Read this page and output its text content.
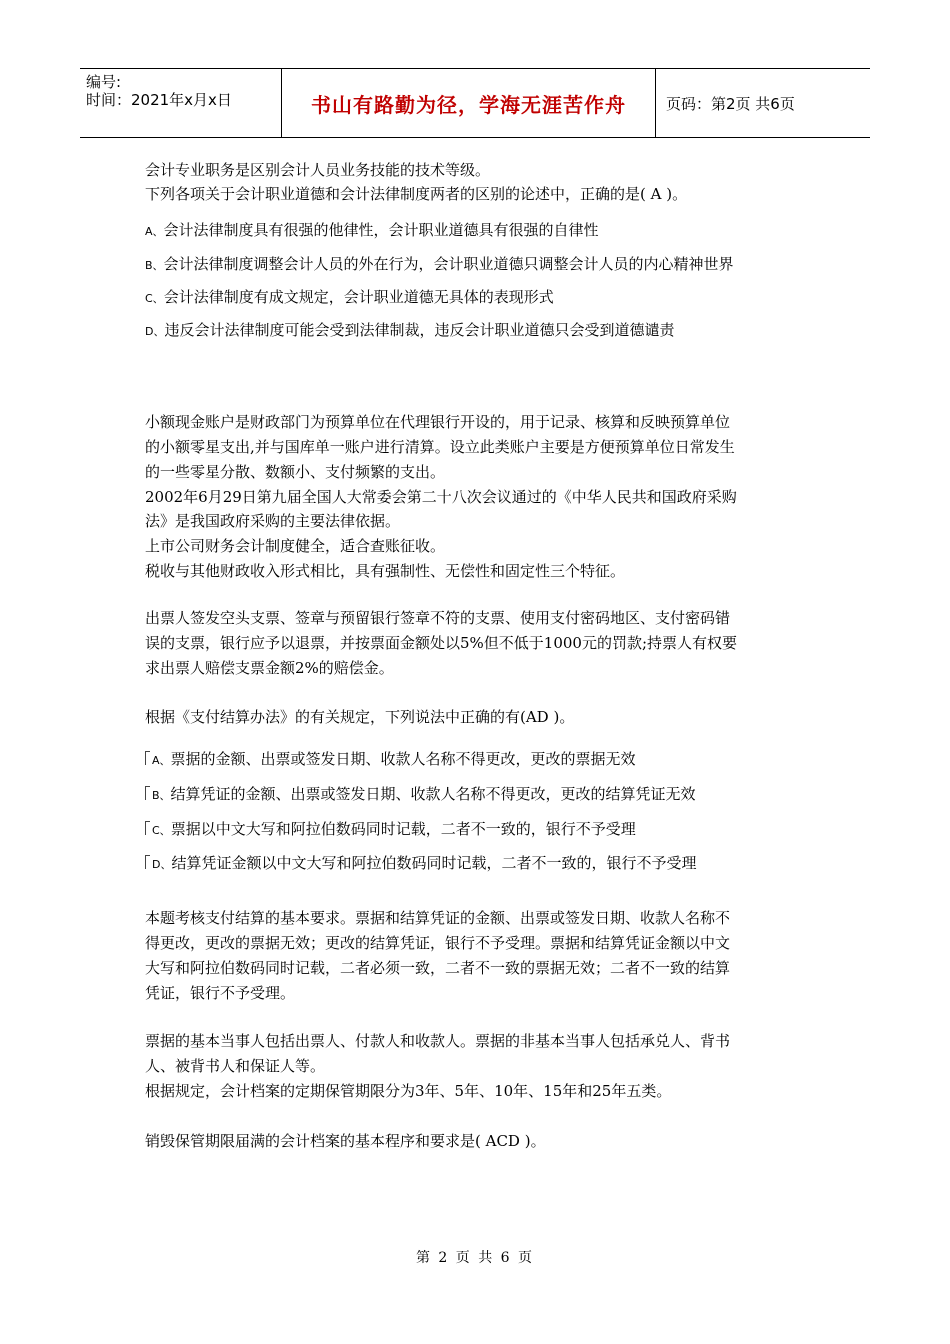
编号:
时间：2021年x月x日	书山有路勤为径，学海无涯苦作舟	页码：第2页 共6页
会计专业职务是区别会计人员业务技能的技术等级。
下列各项关于会计职业道德和会计法律制度两者的区别的论述中，正确的是( A )。
A、会计法律制度具有很强的他律性，会计职业道德具有很强的自律性
B、会计法律制度调整会计人员的外在行为，会计职业道德只调整会计人员的内心精神世界
C、会计法律制度有成文规定，会计职业道德无具体的表现形式
D、违反会计法律制度可能会受到法律制裁，违反会计职业道德只会受到道德谴责
小额现金账户是财政部门为预算单位在代理银行开设的，用于记录、核算和反映预算单位
的小额零星支出,并与国库单一账户进行清算。设立此类账户主要是方便预算单位日常发生
的一些零星分散、数额小、支付频繁的支出。
2002年6月29日第九届全国人大常委会第二十八次会议通过的《中华人民共和国政府采购
法》是我国政府采购的主要法律依据。
上市公司财务会计制度健全，适合查账征收。
税收与其他财政收入形式相比，具有强制性、无偿性和固定性三个特征。
出票人签发空头支票、签章与预留银行签章不符的支票、使用支付密码地区、支付密码错
误的支票，银行应予以退票，并按票面金额处以5%但不低于1000元的罚款;持票人有权要
求出票人赔偿支票金额2%的赔偿金。
根据《支付结算办法》的有关规定，下列说法中正确的有(AD )。
A、票据的金额、出票或签发日期、收款人名称不得更改，更改的票据无效
B、结算凭证的金额、出票或签发日期、收款人名称不得更改，更改的结算凭证无效
C、票据以中文大写和阿拉伯数码同时记载，二者不一致的，银行不予受理
D、结算凭证金额以中文大写和阿拉伯数码同时记载，二者不一致的，银行不予受理
本题考核支付结算的基本要求。票据和结算凭证的金额、出票或签发日期、收款人名称不
得更改，更改的票据无效；更改的结算凭证，银行不予受理。票据和结算凭证金额以中文
大写和阿拉伯数码同时记载，二者必须一致，二者不一致的票据无效；二者不一致的结算
凭证，银行不予受理。
票据的基本当事人包括出票人、付款人和收款人。票据的非基本当事人包括承兑人、背书
人、被背书人和保证人等。
根据规定，会计档案的定期保管期限分为3年、5年、10年、15年和25年五类。
销毁保管期限届满的会计档案的基本程序和要求是( ACD )。
第 2 页 共 6 页
